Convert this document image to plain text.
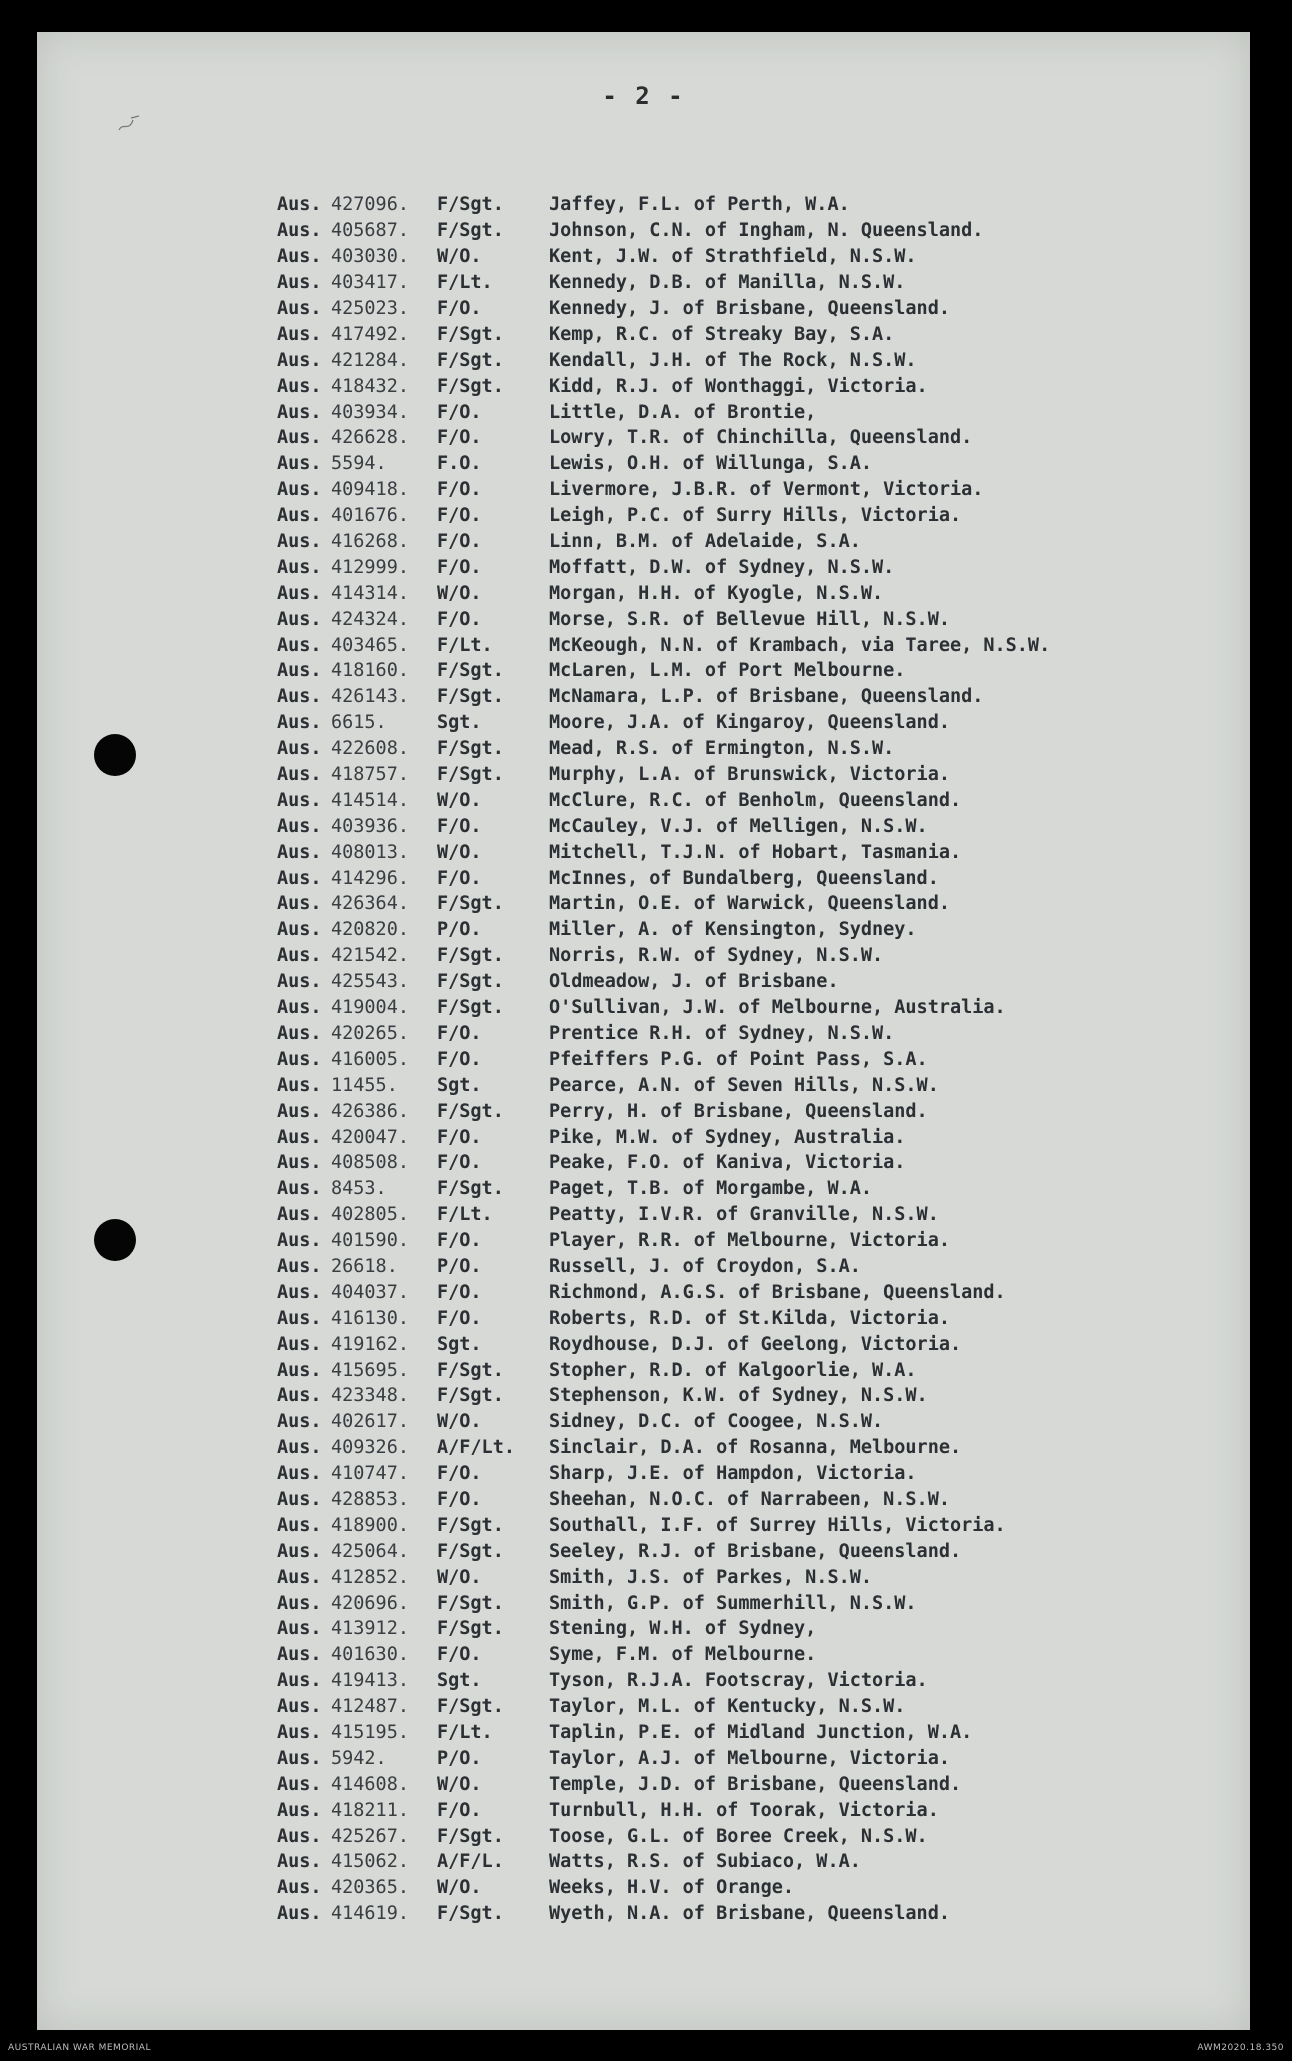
- 2 -
Aus. 427096.	F/Sgt.	Jaffey, F.L. of Perth, W.A.
Aus. 405687.	F/Sgt.	Johnson, C.N. of Ingham, N. Queensland.
Aus. 403030.	W/O.	Kent, J.W. of Strathfield, N.S.W.
Aus. 403417.	F/Lt.	Kennedy, D.B. of Manilla, N.S.W.
Aus. 425023.	F/O.	Kennedy, J. of Brisbane, Queensland.
Aus. 417492.	F/Sgt.	Kemp, R.C. of Streaky Bay, S.A.
Aus. 421284.	F/Sgt.	Kendall, J.H. of The Rock, N.S.W.
Aus. 418432.	F/Sgt.	Kidd, R.J. of Wonthaggi, Victoria.
Aus. 403934.	F/O.	Little, D.A. of Brontie,
Aus. 426628.	F/O.	Lowry, T.R. of Chinchilla, Queensland.
Aus. 5594.	F.O.	Lewis, O.H. of Willunga, S.A.
Aus. 409418.	F/O.	Livermore, J.B.R. of Vermont, Victoria.
Aus. 401676.	F/O.	Leigh, P.C. of Surry Hills, Victoria.
Aus. 416268.	F/O.	Linn, B.M. of Adelaide, S.A.
Aus. 412999.	F/O.	Moffatt, D.W. of Sydney, N.S.W.
Aus. 414314.	W/O.	Morgan, H.H. of Kyogle, N.S.W.
Aus. 424324.	F/O.	Morse, S.R. of Bellevue Hill, N.S.W.
Aus. 403465.	F/Lt.	McKeough, N.N. of Krambach, via Taree, N.S.W.
Aus. 418160.	F/Sgt.	McLaren, L.M. of Port Melbourne.
Aus. 426143.	F/Sgt.	McNamara, L.P. of Brisbane, Queensland.
Aus. 6615.	Sgt.	Moore, J.A. of Kingaroy, Queensland.
Aus. 422608.	F/Sgt.	Mead, R.S. of Ermington, N.S.W.
Aus. 418757.	F/Sgt.	Murphy, L.A. of Brunswick, Victoria.
Aus. 414514.	W/O.	McClure, R.C. of Benholm, Queensland.
Aus. 403936.	F/O.	McCauley, V.J. of Melligen, N.S.W.
Aus. 408013.	W/O.	Mitchell, T.J.N. of Hobart, Tasmania.
Aus. 414296.	F/O.	McInnes, of Bundalberg, Queensland.
Aus. 426364.	F/Sgt.	Martin, O.E. of Warwick, Queensland.
Aus. 420820.	P/O.	Miller, A. of Kensington, Sydney.
Aus. 421542.	F/Sgt.	Norris, R.W. of Sydney, N.S.W.
Aus. 425543.	F/Sgt.	Oldmeadow, J. of Brisbane.
Aus. 419004.	F/Sgt.	O'Sullivan, J.W. of Melbourne, Australia.
Aus. 420265.	F/O.	Prentice R.H. of Sydney, N.S.W.
Aus. 416005.	F/O.	Pfeiffers P.G. of Point Pass, S.A.
Aus. 11455.	Sgt.	Pearce, A.N. of Seven Hills, N.S.W.
Aus. 426386.	F/Sgt.	Perry, H. of Brisbane, Queensland.
Aus. 420047.	F/O.	Pike, M.W. of Sydney, Australia.
Aus. 408508.	F/O.	Peake, F.O. of Kaniva, Victoria.
Aus. 8453.	F/Sgt.	Paget, T.B. of Morgambe, W.A.
Aus. 402805.	F/Lt.	Peatty, I.V.R. of Granville, N.S.W.
Aus. 401590.	F/O.	Player, R.R. of Melbourne, Victoria.
Aus. 26618.	P/O.	Russell, J. of Croydon, S.A.
Aus. 404037.	F/O.	Richmond, A.G.S. of Brisbane, Queensland.
Aus. 416130.	F/O.	Roberts, R.D. of St.Kilda, Victoria.
Aus. 419162.	Sgt.	Roydhouse, D.J. of Geelong, Victoria.
Aus. 415695.	F/Sgt.	Stopher, R.D. of Kalgoorlie, W.A.
Aus. 423348.	F/Sgt.	Stephenson, K.W. of Sydney, N.S.W.
Aus. 402617.	W/O.	Sidney, D.C. of Coogee, N.S.W.
Aus. 409326.	A/F/Lt.	Sinclair, D.A. of Rosanna, Melbourne.
Aus. 410747.	F/O.	Sharp, J.E. of Hampdon, Victoria.
Aus. 428853.	F/O.	Sheehan, N.O.C. of Narrabeen, N.S.W.
Aus. 418900.	F/Sgt.	Southall, I.F. of Surrey Hills, Victoria.
Aus. 425064.	F/Sgt.	Seeley, R.J. of Brisbane, Queensland.
Aus. 412852.	W/O.	Smith, J.S. of Parkes, N.S.W.
Aus. 420696.	F/Sgt.	Smith, G.P. of Summerhill, N.S.W.
Aus. 413912.	F/Sgt.	Stening, W.H. of Sydney,
Aus. 401630.	F/O.	Syme, F.M. of Melbourne.
Aus. 419413.	Sgt.	Tyson, R.J.A. Footscray, Victoria.
Aus. 412487.	F/Sgt.	Taylor, M.L. of Kentucky, N.S.W.
Aus. 415195.	F/Lt.	Taplin, P.E. of Midland Junction, W.A.
Aus. 5942.	P/O.	Taylor, A.J. of Melbourne, Victoria.
Aus. 414608.	W/O.	Temple, J.D. of Brisbane, Queensland.
Aus. 418211.	F/O.	Turnbull, H.H. of Toorak, Victoria.
Aus. 425267.	F/Sgt.	Toose, G.L. of Boree Creek, N.S.W.
Aus. 415062.	A/F/L.	Watts, R.S. of Subiaco, W.A.
Aus. 420365.	W/O.	Weeks, H.V. of Orange.
Aus. 414619.	F/Sgt.	Wyeth, N.A. of Brisbane, Queensland.
AUSTRALIAN WAR MEMORIAL	AWM2020.18.350
